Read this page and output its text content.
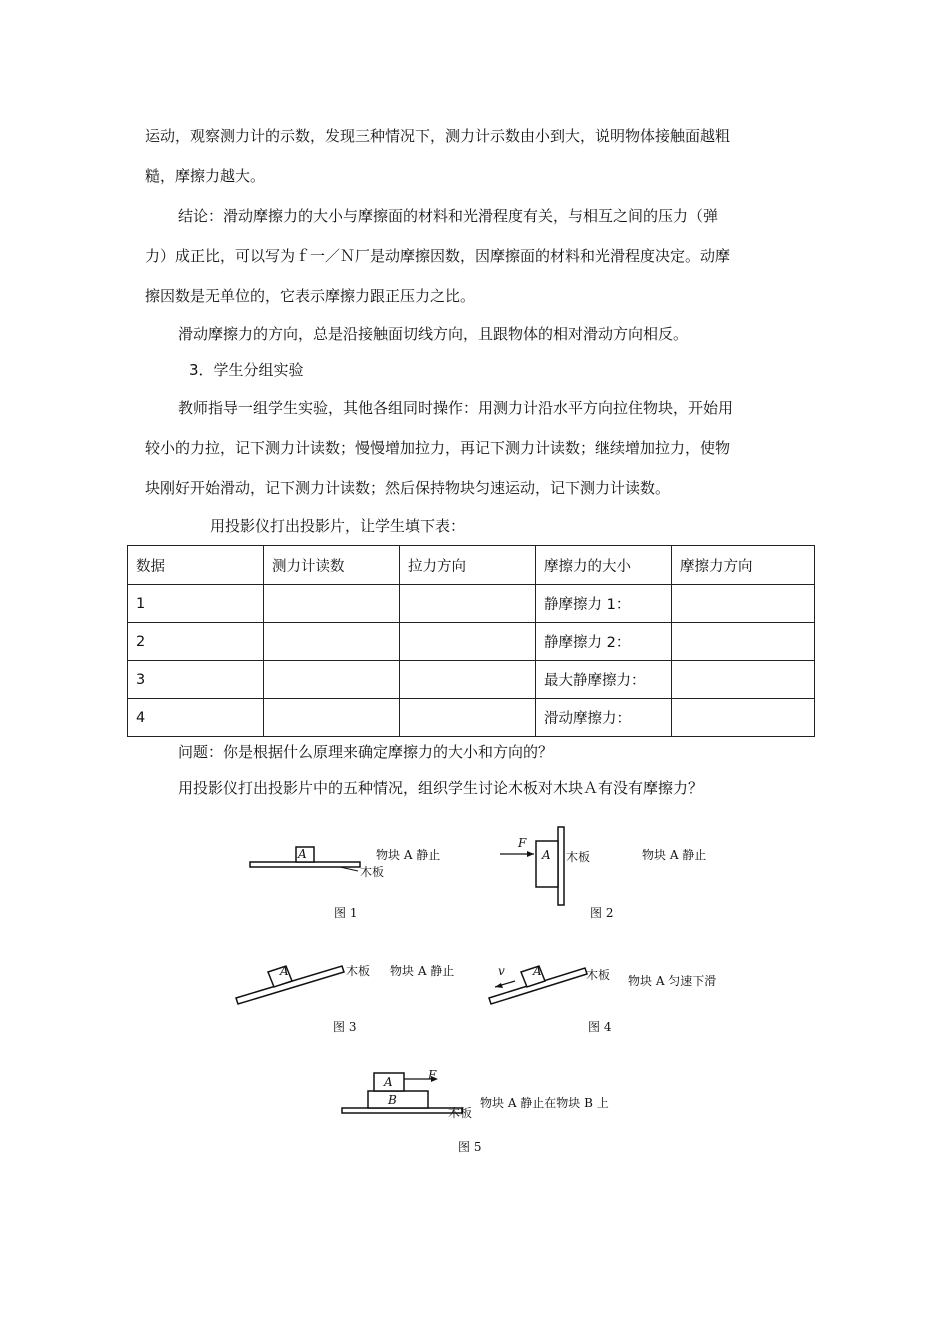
运动，观察测力计的示数，发现三种情况下，测力计示数由小到大，说明物体接触面越粗
糙，摩擦力越大。
结论：滑动摩擦力的大小与摩擦面的材料和光滑程度有关，与相互之间的压力（弹
力）成正比，可以写为ｆ一／Ｎ厂是动摩擦因数，因摩擦面的材料和光滑程度决定。动摩
擦因数是无单位的，它表示摩擦力跟正压力之比。
滑动摩擦力的方向，总是沿接触面切线方向，且跟物体的相对滑动方向相反。
3．学生分组实验
教师指导一组学生实验，其他各组同时操作：用测力计沿水平方向拉住物块，开始用
较小的力拉，记下测力计读数；慢慢增加拉力，再记下测力计读数；继续增加拉力，使物
块刚好开始滑动，记下测力计读数；然后保持物块匀速运动，记下测力计读数。
用投影仪打出投影片，让学生填下表：
数据	测力计读数	拉力方向	摩擦力的大小	摩擦力方向
1			静摩擦力 1：	
2			静摩擦力 2：	
3			最大静摩擦力：	
4			滑动摩擦力：	
问题：你是根据什么原理来确定摩擦力的大小和方向的？
用投影仪打出投影片中的五种情况，组织学生讨论木板对木块Ａ有没有摩擦力？
A	物块 A 静止
木板
图 1
F
A 木板	物块 A 静止
图 2
A	木板 物块 A 静止
图 3
v A	木板 物块 A 匀速下滑
图 4
A
B
F
木板
物块 A 静止在物块 B 上
图 5
